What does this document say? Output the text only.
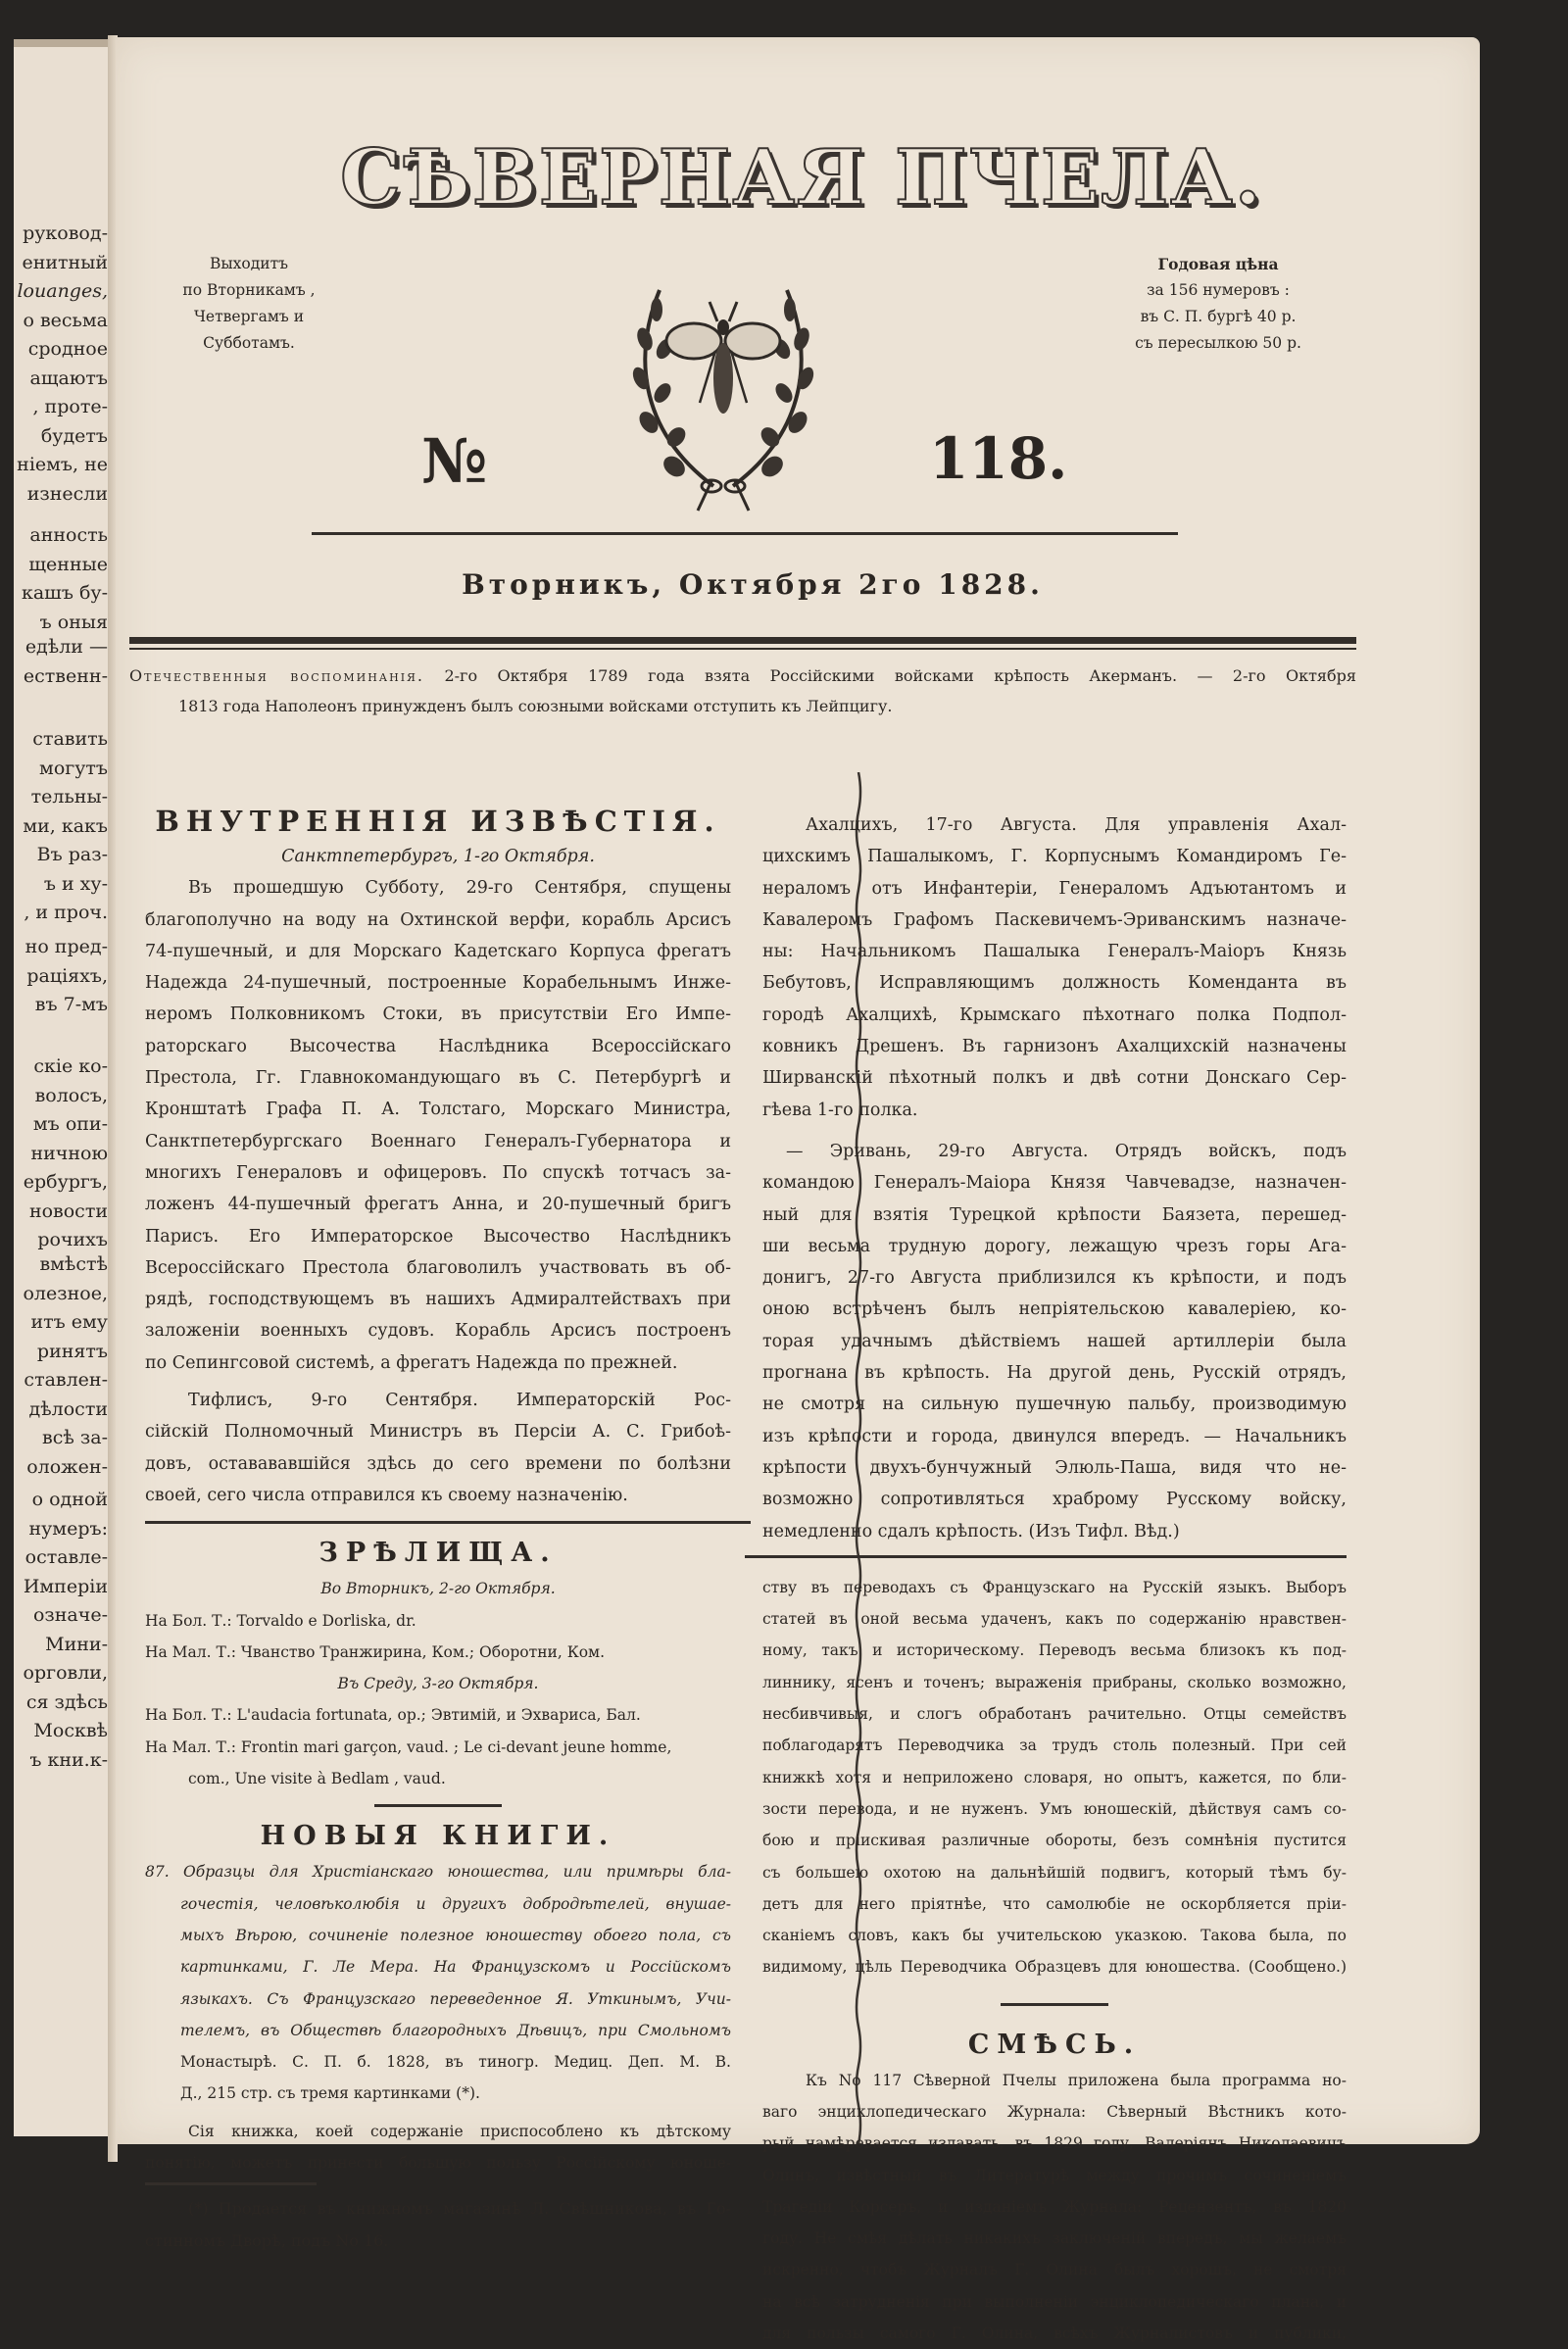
руковод-
енитный
louanges,
о весьма
сродное
ащаютъ
, проте-
будетъ
ніемъ, не
изнесли
анность
щенные
кашъ бу-
ъ оныя
едѣли —
ественн-
ставить
могутъ
тельны-
ми, какъ
Въ раз-
ъ и ху-
, и проч.
но пред-
раціяхъ,
въ 7-мъ
скіе ко-
волосъ,
мъ опи-
ничною
ербургъ,
новости
рочихъ
вмѣстѣ
олезное,
итъ ему
ринятъ
ставлен-
дѣлости
всѣ за-
оложен-
о одной
нумеръ:
оставле-
Имперіи
означе-
Мини-
орговли,
ся здѣсь
Москвѣ
ъ кни.к-
СѢВЕРНАЯ ПЧЕЛА.
Выходитъ
по Вторникамъ ,
Четвергамъ и
Субботамъ.
Годовая цѣна
за 156 нумеровъ :
въ С. П. бургѣ 40 р.
съ пересылкою 50 р.
№	118.
Вторникъ, Октября 2го 1828.
Отечественныя воспоминанія. 2-го Октября 1789 года взята Россійскими войсками крѣпость Акерманъ. — 2-го Октября
1813 года Наполеонъ принужденъ былъ союзными войсками отступить къ Лейпцигу.
ВНУТРЕННІЯ ИЗВѢСТІЯ.
Санктпетербургъ, 1-го Октября.
Въ прошедшую Субботу, 29-го Сентября, спущены
благополучно на воду на Охтинской верфи, корабль Арсисъ
74-пушечный, и для Морскаго Кадетскаго Корпуса фрегатъ
Надежда 24-пушечный, построенные Корабельнымъ Инже-
неромъ Полковникомъ Стоки, въ присутствіи Его Импе-
раторскаго Высочества Наслѣдника Всероссійскаго
Престола, Гг. Главнокомандующаго въ С. Петербургѣ и
Кронштатѣ Графа П. А. Толстаго, Морскаго Министра,
Санктпетербургскаго Военнаго Генералъ-Губернатора и
многихъ Генераловъ и офицеровъ. По спускѣ тотчасъ за-
ложенъ 44-пушечный фрегатъ Анна, и 20-пушечный бригъ
Парисъ. Его Императорское Высочество Наслѣдникъ
Всероссійскаго Престола благоволилъ участвовать въ об-
рядѣ, господствующемъ въ нашихъ Адмиралтействахъ при
заложеніи военныхъ судовъ. Корабль Арсисъ построенъ
по Сепингсовой системѣ, а фрегатъ Надежда по прежней.
Тифлисъ, 9-го Сентября. Императорскій Рос-
сійскій Полномочный Министръ въ Персіи А. С. Грибоѣ-
довъ, оставававшійся здѣсь до сего времени по болѣзни
своей, сего числа отправился къ своему назначенію.
ЗРѢЛИЩА.
Во Вторникъ, 2-го Октября.
На Бол. Т.: Torvaldo e Dorliska, dr.
На Мал. Т.: Чванство Транжирина, Ком.; Оборотни, Ком.
Въ Среду, 3-го Октября.
На Бол. Т.: L'audacia fortunata, op.; Эвтимій, и Эхвариса, Бал.
На Мал. Т.: Frontin mari garçon, vaud. ; Le ci-devant jeune homme,
com., Une visite à Bedlam , vaud.
НОВЫЯ КНИГИ.
87. Образцы для Христіанскаго юношества, или примѣры бла-
гочестія, человѣколюбія и другихъ добродѣтелей, внушае-
мыхъ Вѣрою, сочиненіе полезное юношеству обоего пола, съ
картинками, Г. Ле Мера. На Французскомъ и Россійскомъ
языкахъ. Съ Французскаго переведенное Я. Уткинымъ, Учи-
телемъ, въ Обществѣ благородныхъ Дѣвицъ, при Смольномъ
Монастырѣ. С. П. б. 1828, въ тиногр. Медиц. Деп. М. В.
Д., 215 стр. съ тремя картинками (*).
Сія книжка, коей содержаніе приспособлено къ дѣтскому
понятію, можетъ принести большую пользу Россійскому юноше-
(*) Продается въ книжномъ магазинѣ Л. Свѣшникова, въ Го-
стинномъ Дворѣ, подъ No 16.
Ахалцихъ, 17-го Августа. Для управленія Ахал-
цихскимъ Пашалыкомъ, Г. Корпуснымъ Командиромъ Ге-
нераломъ отъ Инфантеріи, Генераломъ Адъютантомъ и
Кавалеромъ Графомъ Паскевичемъ-Эриванскимъ назначе-
ны: Начальникомъ Пашалыка Генералъ-Маіоръ Князь
Бебутовъ, Исправляющимъ должность Коменданта въ
городѣ Ахалцихѣ, Крымскаго пѣхотнаго полка Подпол-
ковникъ Дрешенъ. Въ гарнизонъ Ахалцихскій назначены
Ширванскій пѣхотный полкъ и двѣ сотни Донскаго Сер-
гѣева 1-го полка.
— Эривань, 29-го Августа. Отрядъ войскъ, подъ
командою Генералъ-Маіора Князя Чавчевадзе, назначен-
ный для взятія Турецкой крѣпости Баязета, перешед-
ши весьма трудную дорогу, лежащую чрезъ горы Ага-
донигъ, 27-го Августа приблизился къ крѣпости, и подъ
оною встрѣченъ былъ непріятельскою кавалеріею, ко-
торая удачнымъ дѣйствіемъ нашей артиллеріи была
прогнана въ крѣпость. На другой день, Русскій отрядъ,
не смотря на сильную пушечную пальбу, производимую
изъ крѣпости и города, двинулся впередъ. — Начальникъ
крѣпости двухъ-бунчужный Элюль-Паша, видя что не-
возможно сопротивляться храброму Русскому войску,
немедленно сдалъ крѣпость. (Изъ Тифл. Вѣд.)
ству въ переводахъ съ Французскаго на Русскій языкъ. Выборъ
статей въ оной весьма удаченъ, какъ по содержанію нравствен-
ному, такъ и историческому. Переводъ весьма близокъ къ под-
линнику, ясенъ и точенъ; выраженія прибраны, сколько возможно,
несбивчивыя, и слогъ обработанъ рачительно. Отцы семействъ
поблагодарятъ Переводчика за трудъ столь полезный. При сей
книжкѣ хотя и неприложено словаря, но опытъ, кажется, по бли-
зости перевода, и не нуженъ. Умъ юношескій, дѣйствуя самъ со-
бою и пріискивая различные обороты, безъ сомнѣнія пустится
съ большею охотою на дальнѣйшій подвигъ, который тѣмъ бу-
детъ для него пріятнѣе, что самолюбіе не оскорбляется пріи-
сканіемъ словъ, какъ бы учительскою указкою. Такова была, по
видимому, цѣль Переводчика Образцевъ для юношества. (Сообщено.)
СМѢСЬ.
Къ No 117 Сѣверной Пчелы приложена была программа но-
ваго энциклопедическаго Журнала: Сѣверный Вѣстникъ кото-
рый намѣревается издавать, въ 1829 году, Валеріянъ Николаевичъ
Олинъ, извѣстный въ Литературѣ между прочимъ сочиненіемъ
Трагедіи Корсеръ, и изданіемъ Журнала: Рецензентъ, въ 1820
году. Не смѣя дѣлать никакихъ заключеній впередъ, мы желаемъ
искренно, чтобъ Журналъ Г. Олина былъ хорошъ, не смотря
на всѣ затрудненія при выполненіи энциклопедическаго плана, и
для пользы самого Г. Олина, всѣхъ Журналистовъ и публики,
